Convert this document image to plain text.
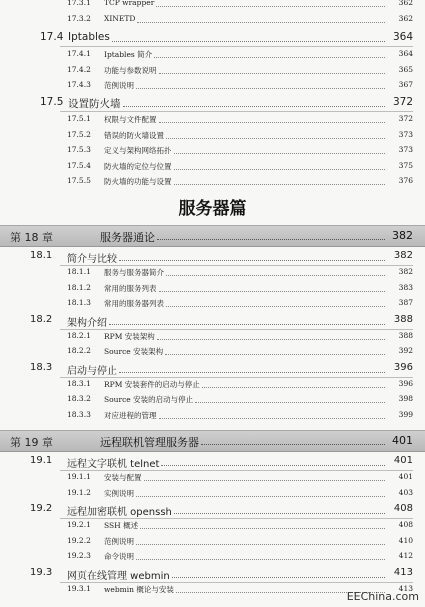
17.3.1 TCP wrapper	362
17.3.2 XINETD	362
17.4 Iptables	364
17.4.1 Iptables 简介	364
17.4.2 功能与参数说明	365
17.4.3 范例说明	367
17.5 设置防火墙	372
17.5.1 权限与文件配置	372
17.5.2 错误的防火墙设置	373
17.5.3 定义与架构网络拓扑	373
17.5.4 防火墙的定位与位置	375
17.5.5 防火墙的功能与设置	376
第 18 章	服务器通论	382
18.1 简介与比较	382
18.1.1 服务与服务器简介	382
18.1.2 常用的服务列表	383
18.1.3 常用的服务器列表	387
18.2 架构介绍	388
18.2.1 RPM 安装架构	388
18.2.2 Source 安装架构	392
18.3 启动与停止	396
18.3.1 RPM 安装套件的启动与停止	396
18.3.2 Source 安装的启动与停止	398
18.3.3 对应进程的管理	399
第 19 章	远程联机管理服务器	401
19.1 远程文字联机 telnet	401
19.1.1 安装与配置	401
19.1.2 实例说明	403
19.2 远程加密联机 openssh	408
19.2.1 SSH 概述	408
19.2.2 范例说明	410
19.2.3 命令说明	412
19.3 网页在线管理 webmin	413
19.3.1 webmin 概论与安装	413
服务器篇
EEChina.com
